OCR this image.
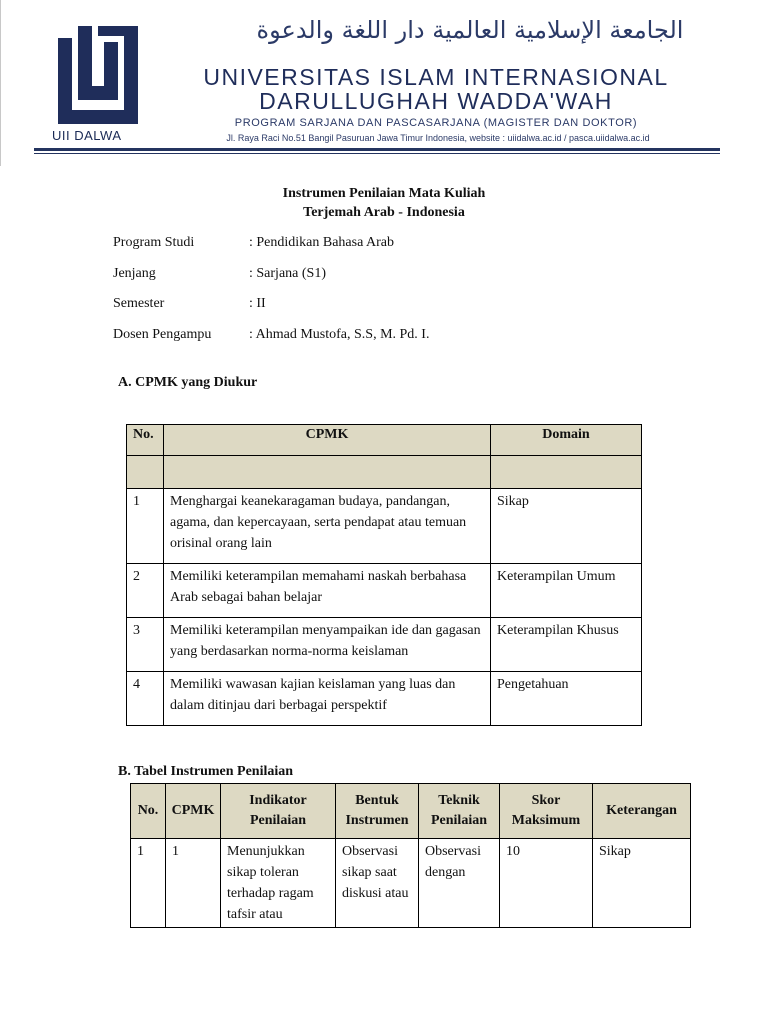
UII DALWA
الجامعة الإسلامية العالمية دار اللغة والدعوة
UNIVERSITAS ISLAM INTERNASIONAL
DARULLUGHAH WADDA'WAH
PROGRAM SARJANA DAN PASCASARJANA (MAGISTER DAN DOKTOR)
Jl. Raya Raci No.51 Bangil Pasuruan Jawa Timur Indonesia, website : uiidalwa.ac.id / pasca.uiidalwa.ac.id
Instrumen Penilaian Mata Kuliah
Terjemah Arab - Indonesia
Program Studi	: Pendidikan Bahasa Arab
Jenjang	: Sarjana (S1)
Semester	: II
Dosen Pengampu	: Ahmad Mustofa, S.S, M. Pd. I.
A. CPMK yang Diukur
No.	CPMK	Domain

1	Menghargai keanekaragaman budaya, pandangan, agama, dan kepercayaan, serta pendapat atau temuan orisinal orang lain	Sikap
2	Memiliki keterampilan memahami naskah berbahasa Arab sebagai bahan belajar	Keterampilan Umum
3	Memiliki keterampilan menyampaikan ide dan gagasan yang berdasarkan norma-norma keislaman	Keterampilan Khusus
4	Memiliki wawasan kajian keislaman yang luas dan dalam ditinjau dari berbagai perspektif	Pengetahuan
B. Tabel Instrumen Penilaian
No.	CPMK	Indikator Penilaian	Bentuk Instrumen	Teknik Penilaian	Skor Maksimum	Keterangan
1	1	Menunjukkan sikap toleran terhadap ragam tafsir atau	Observasi sikap saat diskusi atau	Observasi dengan	10	Sikap
